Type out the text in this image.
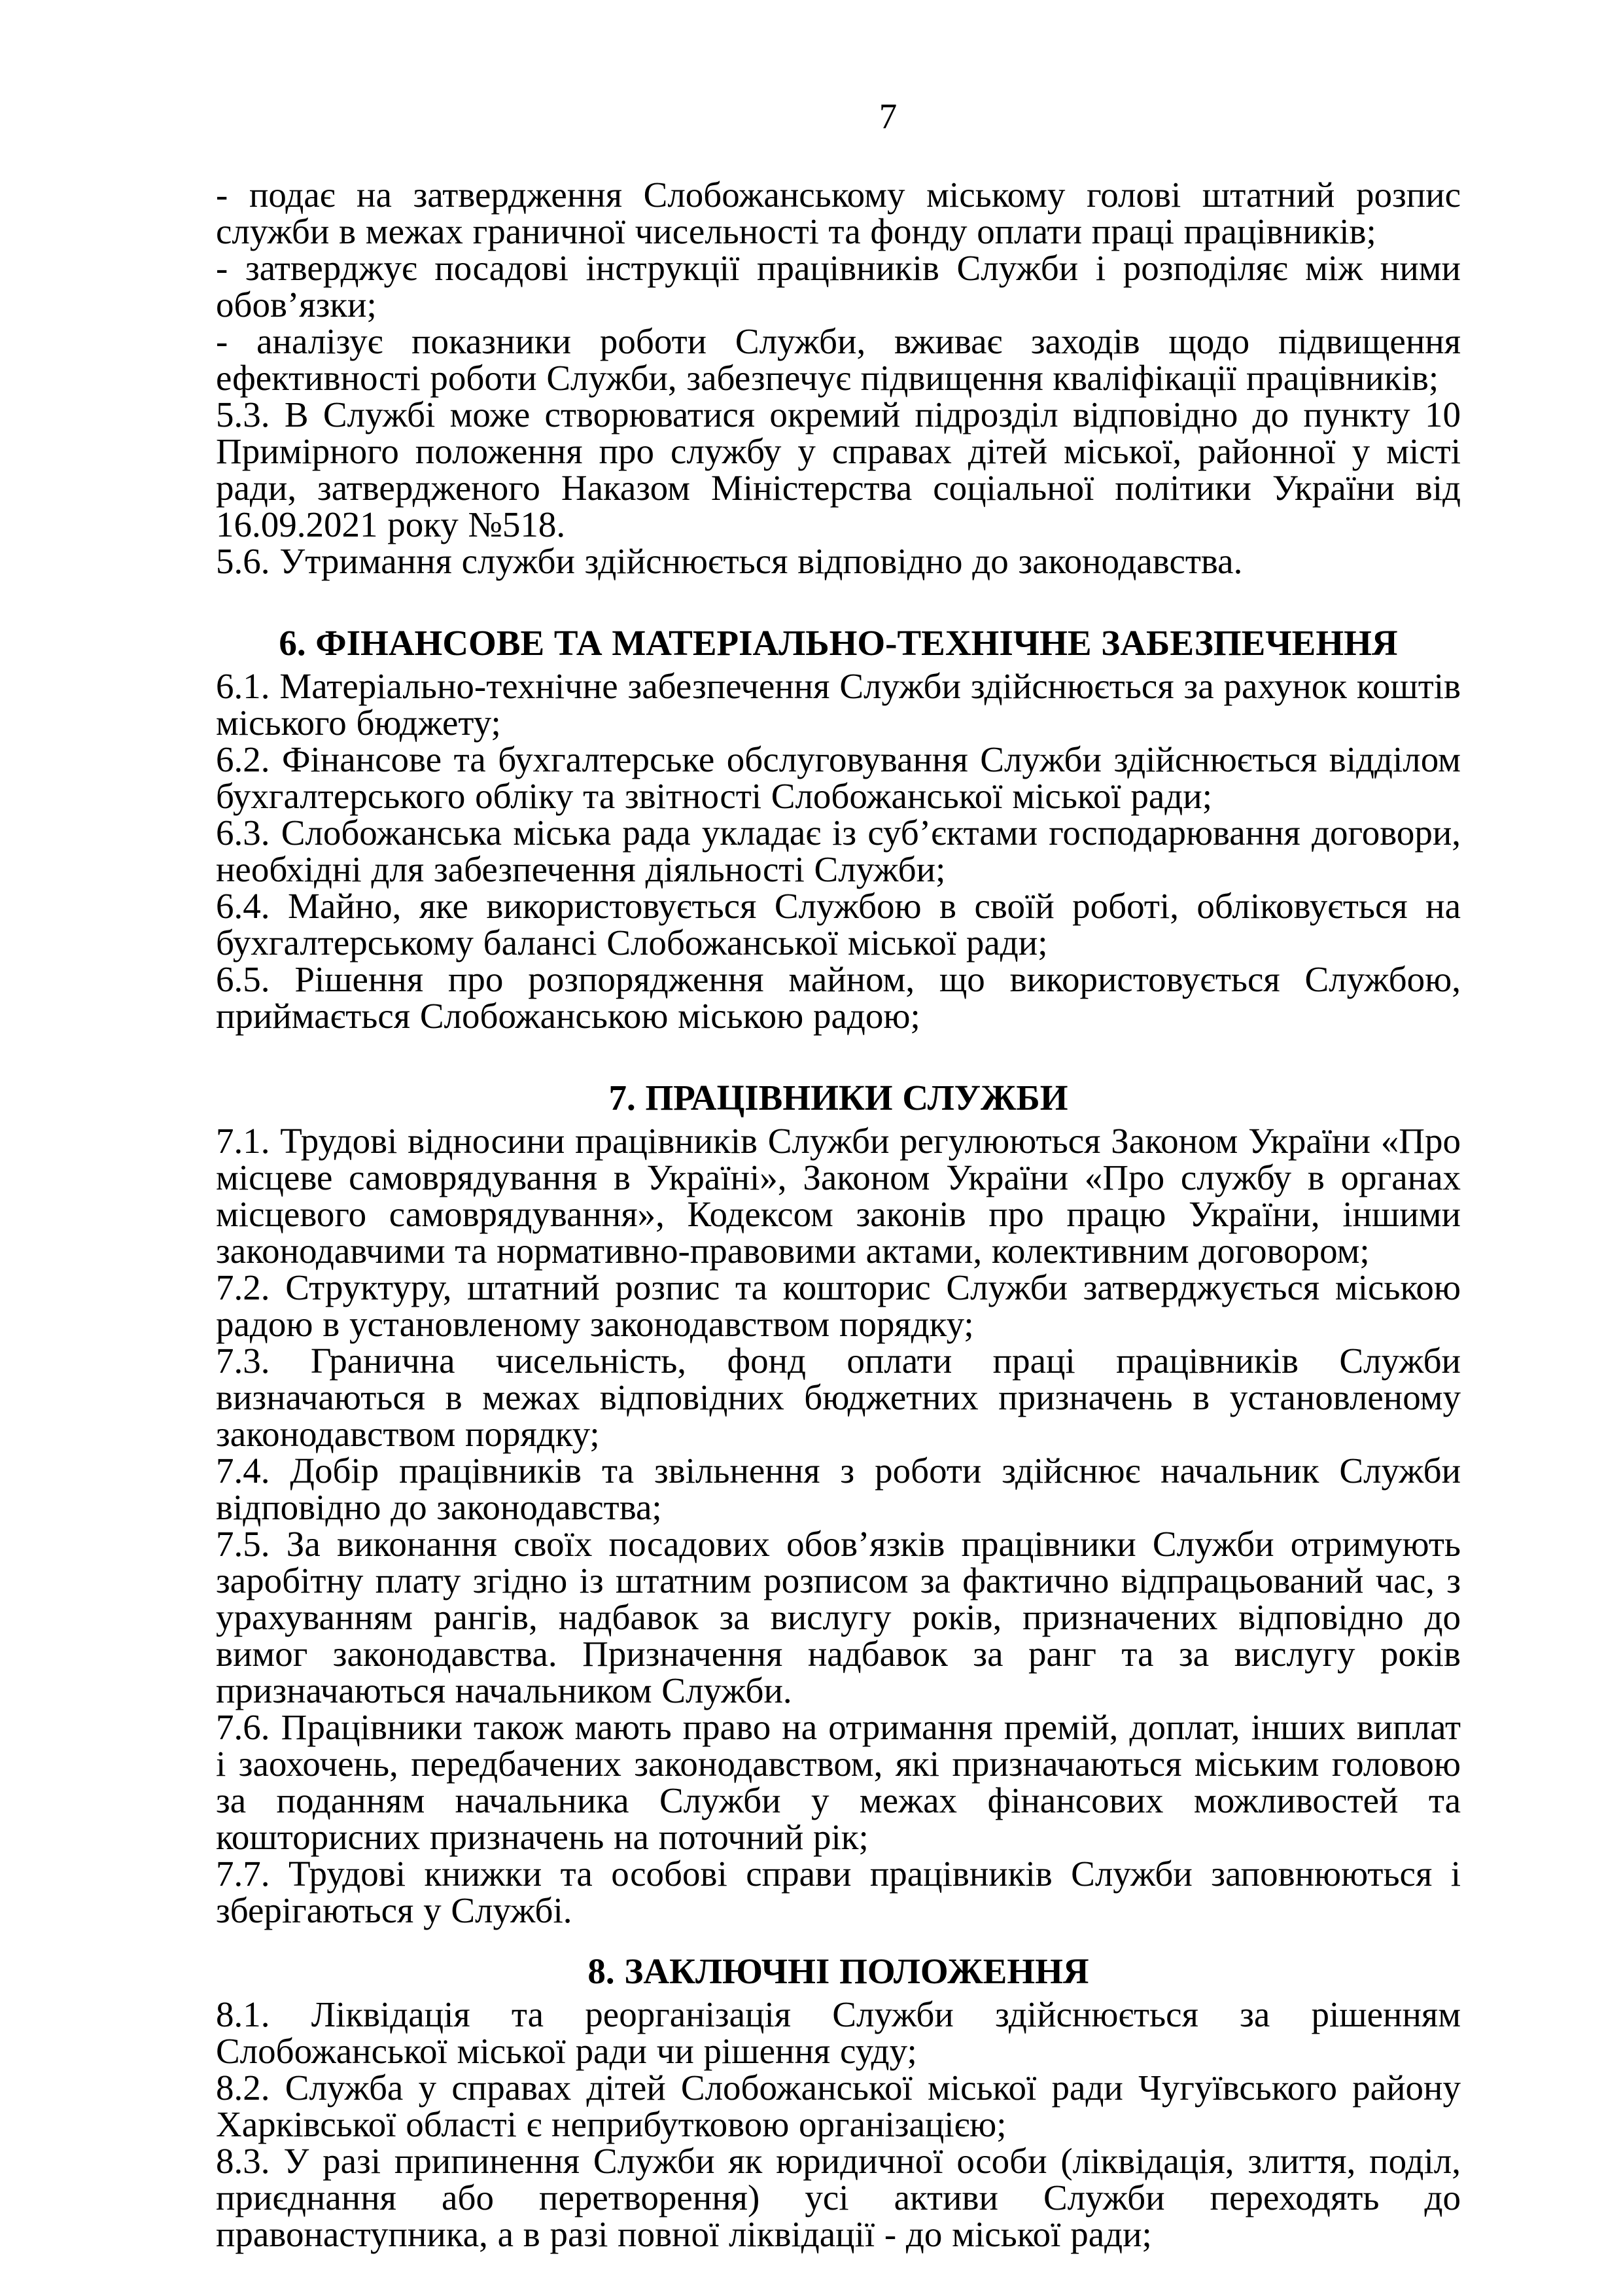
7

- подає на затвердження Слобожанському міському голові штатний розпис служби в межах граничної чисельності та фонду оплати праці працівників;

- затверджує посадові інструкції працівників Служби і розподіляє між ними обов’язки;

- аналізує показники роботи Служби, вживає заходів щодо підвищення ефективності роботи Служби, забезпечує підвищення кваліфікації працівників;

5.3. В Службі може створюватися окремий підрозділ відповідно до пункту 10 Примірного положення про службу у справах дітей міської, районної у місті ради, затвердженого Наказом Міністерства соціальної політики України від 16.09.2021 року №518.

5.6. Утримання служби здійснюється відповідно до законодавства.

6. ФІНАНСОВЕ ТА МАТЕРІАЛЬНО-ТЕХНІЧНЕ ЗАБЕЗПЕЧЕННЯ

6.1. Матеріально-технічне забезпечення Служби здійснюється за рахунок коштів міського бюджету;

6.2. Фінансове та бухгалтерське обслуговування Служби здійснюється відділом бухгалтерського обліку та звітності Слобожанської міської ради;

6.3. Слобожанська міська рада укладає із суб’єктами господарювання договори, необхідні для забезпечення діяльності Служби;

6.4. Майно, яке використовується Службою в своїй роботі, обліковується на бухгалтерському балансі Слобожанської міської ради;

6.5. Рішення про розпорядження майном, що використовується Службою, приймається Слобожанською міською радою;

7. ПРАЦІВНИКИ СЛУЖБИ

7.1. Трудові відносини працівників Служби регулюються Законом України «Про місцеве самоврядування в Україні», Законом України «Про службу в органах місцевого самоврядування», Кодексом законів про працю України, іншими законодавчими та нормативно-правовими актами, колективним договором;

7.2. Структуру, штатний розпис та кошторис Служби затверджується міською радою в установленому законодавством порядку;

7.3. Гранична чисельність, фонд оплати праці працівників Служби визначаються в межах відповідних бюджетних призначень в установленому законодавством порядку;

7.4. Добір працівників та звільнення з роботи здійснює начальник Служби відповідно до законодавства;

7.5. За виконання своїх посадових обов’язків працівники Служби отримують заробітну плату згідно із штатним розписом за фактично відпрацьований час, з урахуванням рангів, надбавок за вислугу років, призначених відповідно до вимог законодавства. Призначення надбавок за ранг та за вислугу років призначаються начальником Служби.

7.6. Працівники також мають право на отримання премій, доплат, інших виплат і заохочень, передбачених законодавством, які призначаються міським головою за поданням начальника Служби у межах фінансових можливостей та кошторисних призначень на поточний рік;

7.7. Трудові книжки та особові справи працівників Служби заповнюються і зберігаються у Службі.

8. ЗАКЛЮЧНІ ПОЛОЖЕННЯ

8.1. Ліквідація та реорганізація Служби здійснюється за рішенням Слобожанської міської ради чи рішення суду;

8.2. Служба у справах дітей Слобожанської міської ради Чугуївського району Харківської області є неприбутковою організацією;

8.3. У разі припинення Служби як юридичної особи (ліквідація, злиття, поділ, приєднання або перетворення) усі активи Служби переходять до правонаступника, а в разі повної ліквідації - до міської ради;
